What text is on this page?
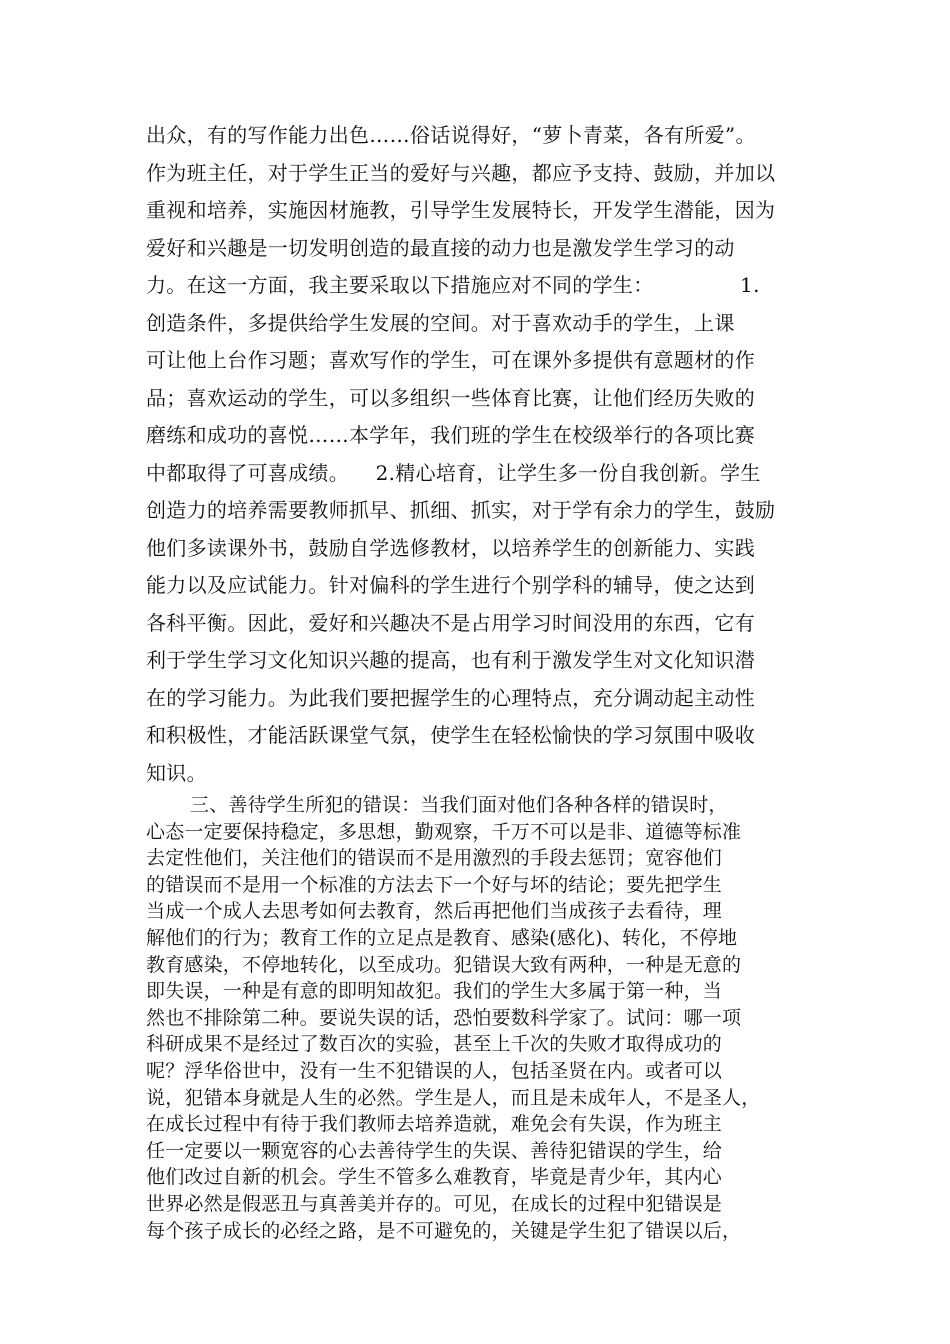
出众，有的写作能力出色……俗话说得好，“萝卜青菜，各有所爱”。
作为班主任，对于学生正当的爱好与兴趣，都应予支持、鼓励，并加以
重视和培养，实施因材施教，引导学生发展特长，开发学生潜能，因为
爱好和兴趣是一切发明创造的最直接的动力也是激发学生学习的动
力。在这一方面，我主要采取以下措施应对不同的学生：             1.
创造条件，多提供给学生发展的空间。对于喜欢动手的学生，上课
可让他上台作习题；喜欢写作的学生，可在课外多提供有意题材的作
品；喜欢运动的学生，可以多组织一些体育比赛，让他们经历失败的
磨练和成功的喜悦……本学年，我们班的学生在校级举行的各项比赛
中都取得了可喜成绩。    2.精心培育，让学生多一份自我创新。学生
创造力的培养需要教师抓早、抓细、抓实，对于学有余力的学生，鼓励
他们多读课外书，鼓励自学选修教材，以培养学生的创新能力、实践
能力以及应试能力。针对偏科的学生进行个别学科的辅导，使之达到
各科平衡。因此，爱好和兴趣决不是占用学习时间没用的东西，它有
利于学生学习文化知识兴趣的提高，也有利于激发学生对文化知识潜
在的学习能力。为此我们要把握学生的心理特点，充分调动起主动性
和积极性，才能活跃课堂气氛，使学生在轻松愉快的学习氛围中吸收
知识。
三、善待学生所犯的错误：当我们面对他们各种各样的错误时，
心态一定要保持稳定，多思想，勤观察，千万不可以是非、道德等标准
去定性他们，关注他们的错误而不是用激烈的手段去惩罚；宽容他们
的错误而不是用一个标准的方法去下一个好与坏的结论；要先把学生
当成一个成人去思考如何去教育，然后再把他们当成孩子去看待，理
解他们的行为；教育工作的立足点是教育、感染(感化)、转化，不停地
教育感染，不停地转化，以至成功。犯错误大致有两种，一种是无意的
即失误，一种是有意的即明知故犯。我们的学生大多属于第一种，当
然也不排除第二种。要说失误的话，恐怕要数科学家了。试问：哪一项
科研成果不是经过了数百次的实验，甚至上千次的失败才取得成功的
呢？浮华俗世中，没有一生不犯错误的人，包括圣贤在内。或者可以
说，犯错本身就是人生的必然。学生是人，而且是未成年人，不是圣人，
在成长过程中有待于我们教师去培养造就，难免会有失误，作为班主
任一定要以一颗宽容的心去善待学生的失误、善待犯错误的学生，给
他们改过自新的机会。学生不管多么难教育，毕竟是青少年，其内心
世界必然是假恶丑与真善美并存的。可见，在成长的过程中犯错误是
每个孩子成长的必经之路，是不可避免的，关键是学生犯了错误以后，
